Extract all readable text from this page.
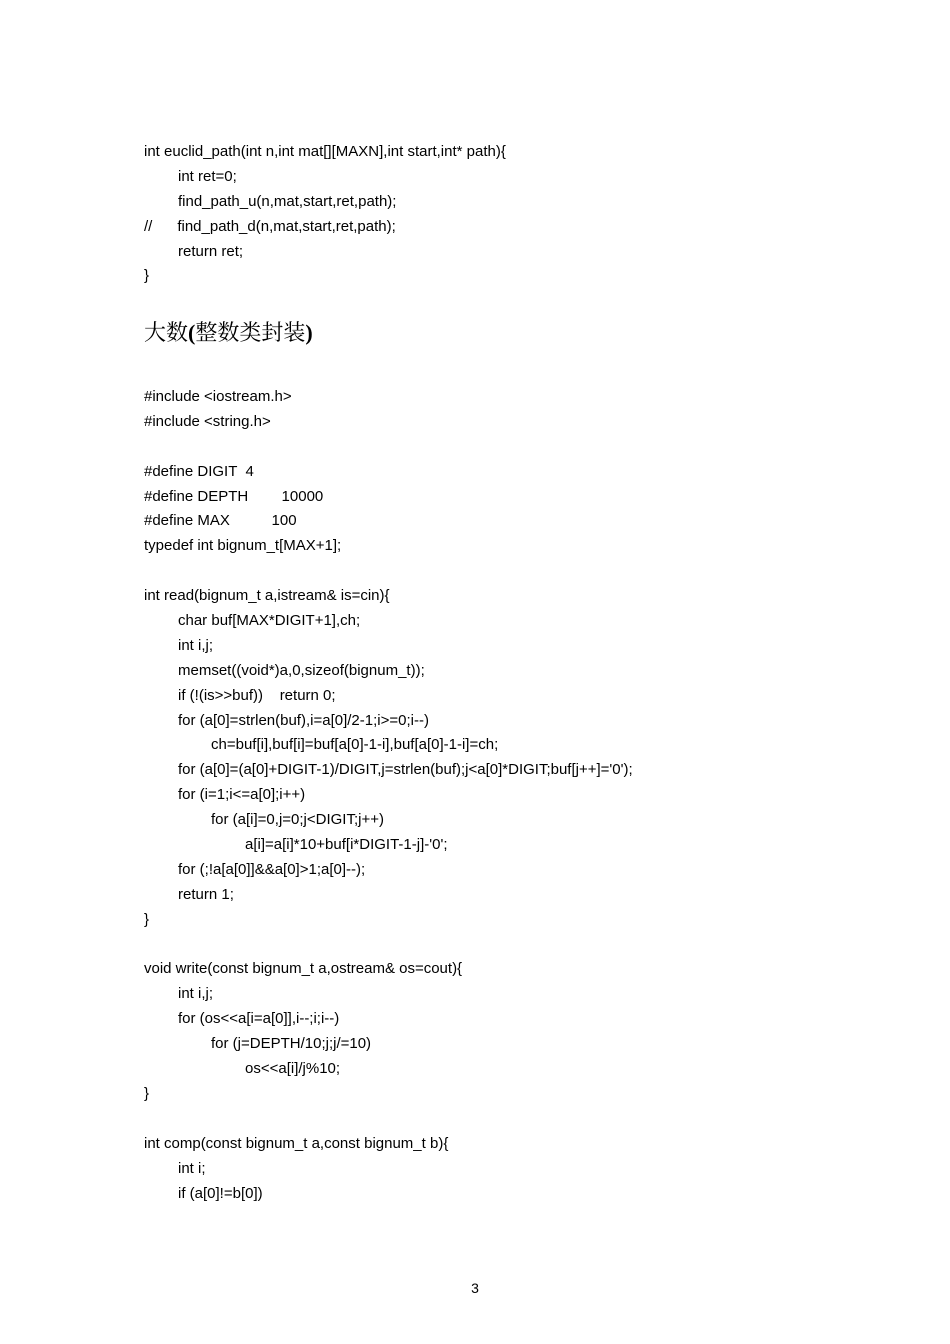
int euclid_path(int n,int mat[][MAXN],int start,int* path){
int ret=0;
find_path_u(n,mat,start,ret,path);
//      find_path_d(n,mat,start,ret,path);
return ret;
}
大数(整数类封装)
#include <iostream.h>
#include <string.h>
#define DIGIT  4
#define DEPTH        10000
#define MAX          100
typedef int bignum_t[MAX+1];
int read(bignum_t a,istream& is=cin){
char buf[MAX*DIGIT+1],ch;
int i,j;
memset((void*)a,0,sizeof(bignum_t));
if (!(is>>buf))    return 0;
for (a[0]=strlen(buf),i=a[0]/2-1;i>=0;i--)
ch=buf[i],buf[i]=buf[a[0]-1-i],buf[a[0]-1-i]=ch;
for (a[0]=(a[0]+DIGIT-1)/DIGIT,j=strlen(buf);j<a[0]*DIGIT;buf[j++]='0');
for (i=1;i<=a[0];i++)
for (a[i]=0,j=0;j<DIGIT;j++)
a[i]=a[i]*10+buf[i*DIGIT-1-j]-'0';
for (;!a[a[0]]&&a[0]>1;a[0]--);
return 1;
}
void write(const bignum_t a,ostream& os=cout){
int i,j;
for (os<<a[i=a[0]],i--;i;i--)
for (j=DEPTH/10;j;j/=10)
os<<a[i]/j%10;
}
int comp(const bignum_t a,const bignum_t b){
int i;
if (a[0]!=b[0])
3
